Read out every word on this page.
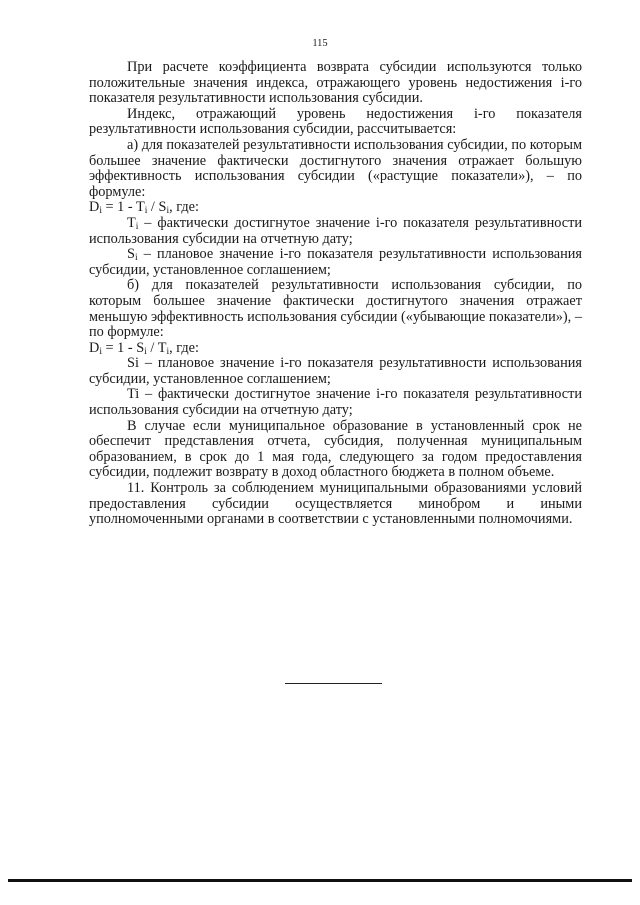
115

При расчете коэффициента возврата субсидии используются только положительные значения индекса, отражающего уровень недостижения i-го показателя результативности использования субсидии.

Индекс, отражающий уровень недостижения i-го показателя результативности использования субсидии, рассчитывается:

а) для показателей результативности использования субсидии, по которым большее значение фактически достигнутого значения отражает большую эффективность использования субсидии («растущие показатели»), – по формуле:

$D_i = 1 - T_i / S_i$, где:

$T_i$ – фактически достигнутое значение i-го показателя результативности использования субсидии на отчетную дату;

$S_i$ – плановое значение i-го показателя результативности использования субсидии, установленное соглашением;

б) для показателей результативности использования субсидии, по которым большее значение фактически достигнутого значения отражает меньшую эффективность использования субсидии («убывающие показатели»), – по формуле:

$D_i = 1 - S_i / T_i$, где:

Si – плановое значение i-го показателя результативности использования субсидии, установленное соглашением;

Ti – фактически достигнутое значение i-го показателя результативности использования субсидии на отчетную дату;

В случае если муниципальное образование в установленный срок не обеспечит представления отчета, субсидия, полученная муниципальным образованием, в срок до 1 мая года, следующего за годом предоставления субсидии, подлежит возврату в доход областного бюджета в полном объеме.

11. Контроль за соблюдением муниципальными образованиями условий предоставления субсидии осуществляется минобром и иными уполномоченными органами в соответствии с установленными полномочиями.
